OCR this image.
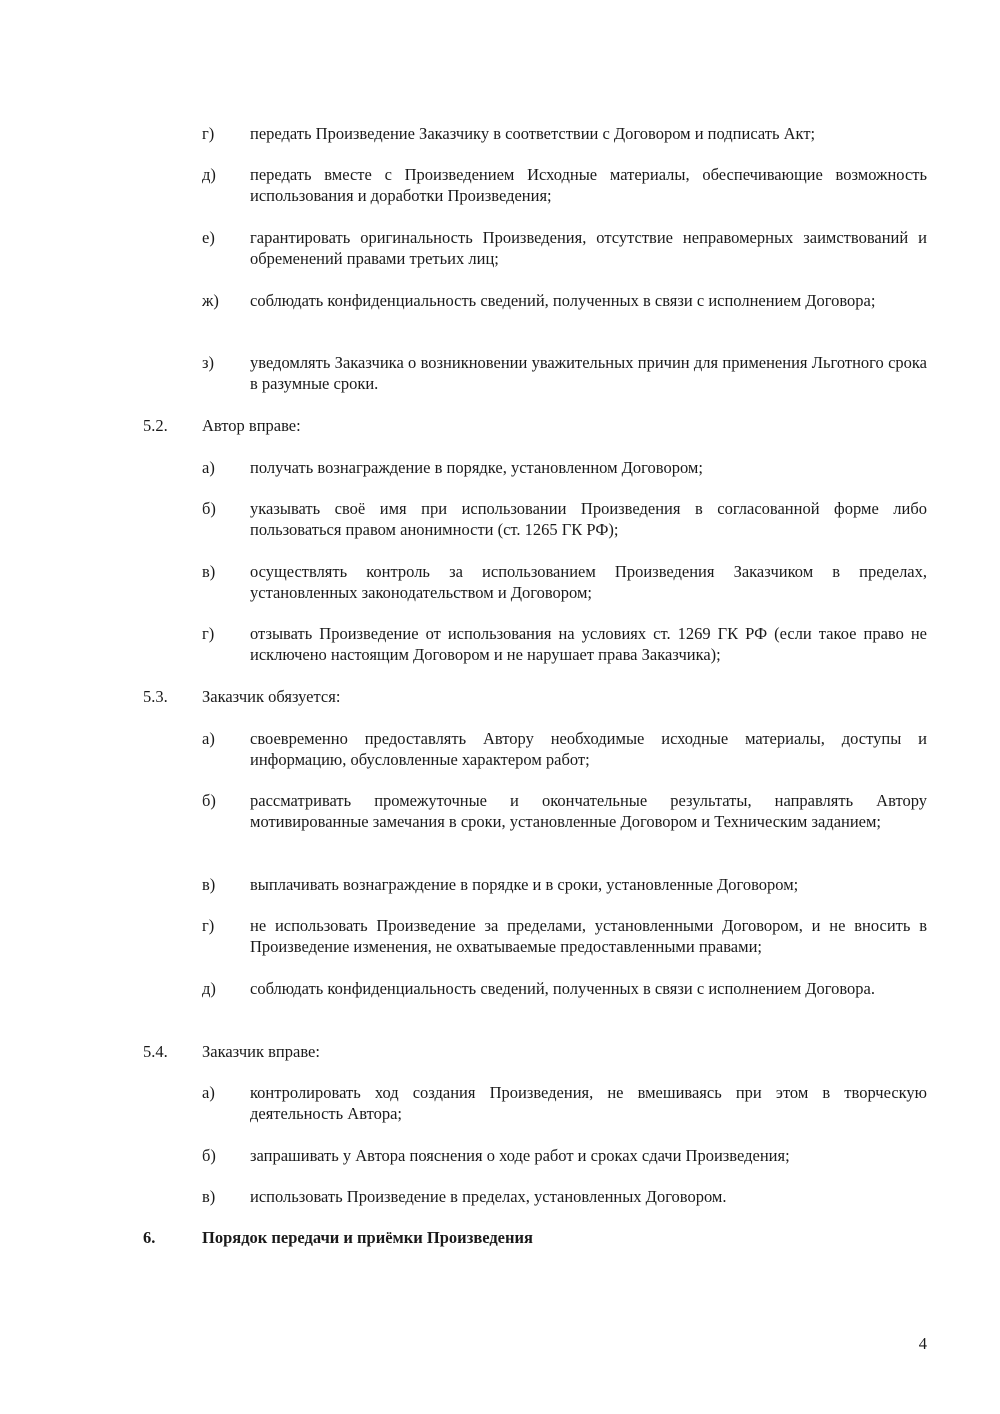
г)	передать Произведение Заказчику в соответствии с Договором и подписать Акт;
д)	передать вместе с Произведением Исходные материалы, обеспечивающие возможность использования и доработки Произведения;
е)	гарантировать оригинальность Произведения, отсутствие неправомерных заимствований и обременений правами третьих лиц;
ж)	соблюдать конфиденциальность сведений, полученных в связи с исполнением Договора;
з)	уведомлять Заказчика о возникновении уважительных причин для применения Льготного срока в разумные сроки.
5.2.	Автор вправе:
а)	получать вознаграждение в порядке, установленном Договором;
б)	указывать своё имя при использовании Произведения в согласованной форме либо пользоваться правом анонимности (ст. 1265 ГК РФ);
в)	осуществлять контроль за использованием Произведения Заказчиком в пределах, установленных законодательством и Договором;
г)	отзывать Произведение от использования на условиях ст. 1269 ГК РФ (если такое право не исключено настоящим Договором и не нарушает права Заказчика);
5.3.	Заказчик обязуется:
а)	своевременно предоставлять Автору необходимые исходные материалы, доступы и информацию, обусловленные характером работ;
б)	рассматривать промежуточные и окончательные результаты, направлять Автору мотивированные замечания в сроки, установленные Договором и Техническим заданием;
в)	выплачивать вознаграждение в порядке и в сроки, установленные Договором;
г)	не использовать Произведение за пределами, установленными Договором, и не вносить в Произведение изменения, не охватываемые предоставленными правами;
д)	соблюдать конфиденциальность сведений, полученных в связи с исполнением Договора.
5.4.	Заказчик вправе:
а)	контролировать ход создания Произведения, не вмешиваясь при этом в творческую деятельность Автора;
б)	запрашивать у Автора пояснения о ходе работ и сроках сдачи Произведения;
в)	использовать Произведение в пределах, установленных Договором.
6.	Порядок передачи и приёмки Произведения
4
